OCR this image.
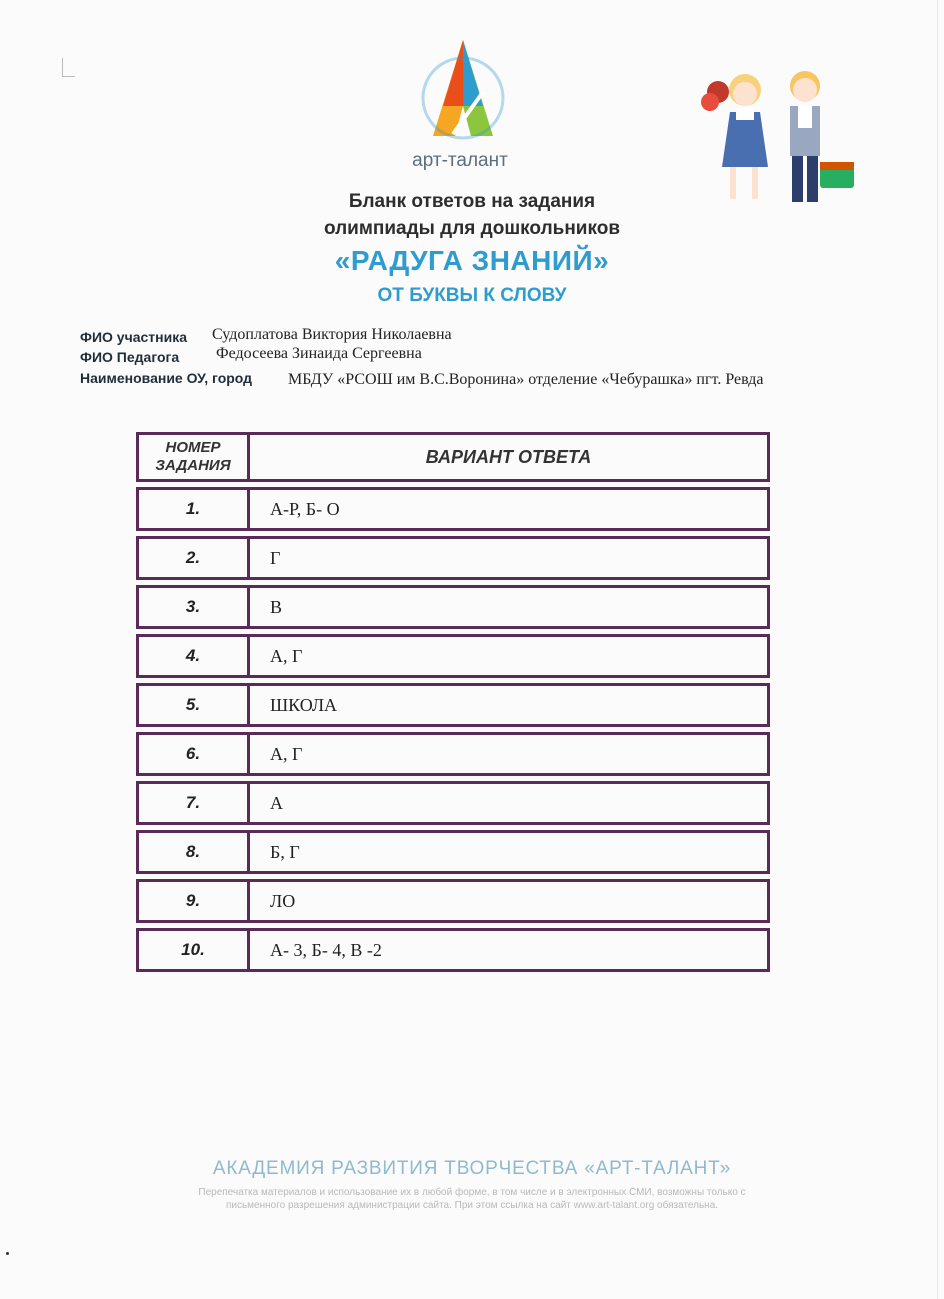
арт-талант
Бланк ответов на задания
олимпиады для дошкольников
«РАДУГА ЗНАНИЙ»
ОТ БУКВЫ К СЛОВУ
ФИО участника Судоплатова Виктория Николаевна
ФИО Педагога Федосеева Зинаида Сергеевна
Наименование ОУ, город МБДУ «РСОШ им В.С.Воронина» отделение «Чебурашка» пгт. Ревда
НОМЕР
ЗАДАНИЯ	ВАРИАНТ ОТВЕТА
1.	А-Р, Б- О
2.	Г
3.	В
4.	А, Г
5.	ШКОЛА
6.	А, Г
7.	А
8.	Б, Г
9.	ЛО
10.	А- 3, Б- 4, В -2
АКАДЕМИЯ РАЗВИТИЯ ТВОРЧЕСТВА «АРТ-ТАЛАНТ»
Перепечатка материалов и использование их в любой форме, в том числе и в электронных СМИ, возможны только с
письменного разрешения администрации сайта. При этом ссылка на сайт www.art-talant.org обязательна.
